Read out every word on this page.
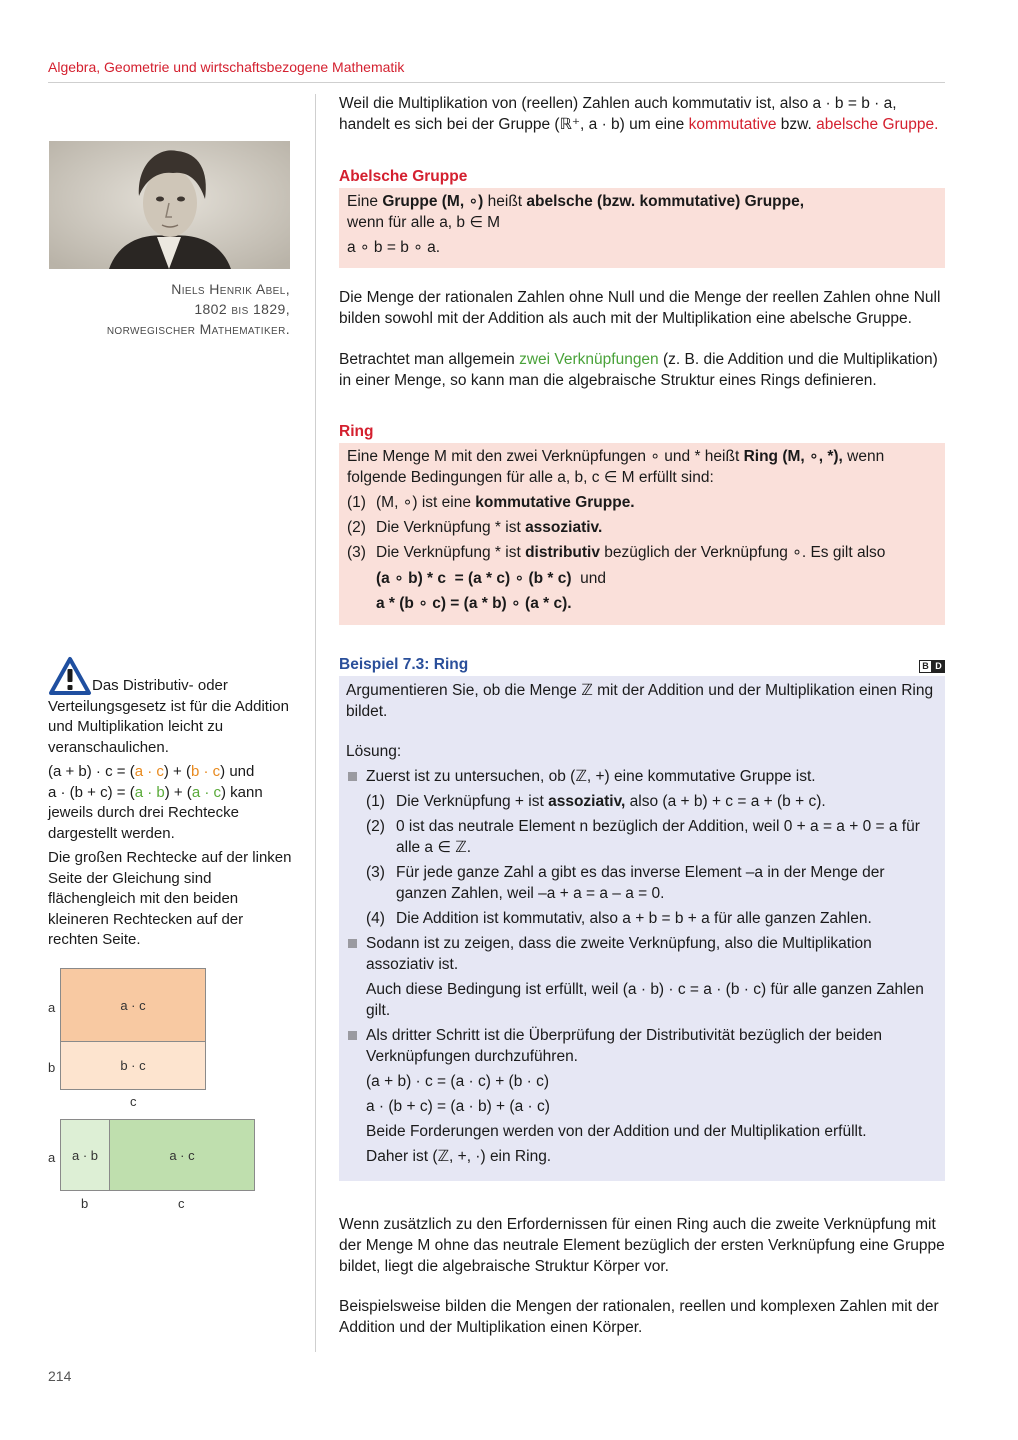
Algebra, Geometrie und wirtschaftsbezogene Mathematik
Niels Henrik Abel,
1802 bis 1829,
norwegischer Mathematiker.

Das Distributiv- oder Verteilungsgesetz ist für die Addition und Multiplikation leicht zu veranschaulichen.

(a + b) · c = (a · c) + (b · c) und
a · (b + c) = (a · b) + (a · c) kann
jeweils durch drei Rechtecke dargestellt werden.

Die großen Rechtecke auf der linken Seite der Gleichung sind flächengleich mit den beiden kleineren Rechtecken auf der rechten Seite.

a · c
b · c
a
b
c
a · b	a · c
a
b	c

Weil die Multiplikation von (reellen) Zahlen auch kommutativ ist, also a · b = b · a, handelt es sich bei der Gruppe (ℝ⁺, a · b) um eine kommutative bzw. abelsche Gruppe.

Abelsche Gruppe

Eine Gruppe (M, ∘) heißt abelsche (bzw. kommutative) Gruppe,

wenn für alle a, b ∈ M

a ∘ b = b ∘ a.

Die Menge der rationalen Zahlen ohne Null und die Menge der reellen Zahlen ohne Null bilden sowohl mit der Addition als auch mit der Multiplikation eine abelsche Gruppe.

Betrachtet man allgemein zwei Verknüpfungen (z. B. die Addition und die Multiplikation) in einer Menge, so kann man die algebraische Struktur eines Rings definieren.

Ring

Eine Menge M mit den zwei Verknüpfungen ∘ und * heißt Ring (M, ∘, *), wenn folgende Bedingungen für alle a, b, c ∈ M erfüllt sind:

(1) (M, ∘) ist eine kommutative Gruppe.

(2) Die Verknüpfung * ist assoziativ.

(3) Die Verknüpfung * ist distributiv bezüglich der Verknüpfung ∘. Es gilt also

(a ∘ b) * c  = (a * c) ∘ (b * c)  und

a * (b ∘ c) = (a * b) ∘ (a * c).

Beispiel 7.3: Ring	B D

Argumentieren Sie, ob die Menge ℤ mit der Addition und der Multiplikation einen Ring bildet.

Lösung:

Zuerst ist zu untersuchen, ob (ℤ, +) eine kommutative Gruppe ist.

(1) Die Verknüpfung + ist assoziativ, also (a + b) + c = a + (b + c).

(2) 0 ist das neutrale Element n bezüglich der Addition, weil 0 + a = a + 0 = a für alle a ∈ ℤ.

(3) Für jede ganze Zahl a gibt es das inverse Element –a in der Menge der ganzen Zahlen, weil –a + a = a – a = 0.

(4) Die Addition ist kommutativ, also a + b = b + a für alle ganzen Zahlen.

Sodann ist zu zeigen, dass die zweite Verknüpfung, also die Multiplikation assoziativ ist.

Auch diese Bedingung ist erfüllt, weil (a · b) · c = a · (b · c) für alle ganzen Zahlen gilt.

Als dritter Schritt ist die Überprüfung der Distributivität bezüglich der beiden Verknüpfungen durchzuführen.

(a + b) · c = (a · c) + (b · c)

a · (b + c) = (a · b) + (a · c)

Beide Forderungen werden von der Addition und der Multiplikation erfüllt.

Daher ist (ℤ, +, ·) ein Ring.

Wenn zusätzlich zu den Erfordernissen für einen Ring auch die zweite Verknüpfung mit der Menge M ohne das neutrale Element bezüglich der ersten Verknüpfung eine Gruppe bildet, liegt die algebraische Struktur Körper vor.

Beispielsweise bilden die Mengen der rationalen, reellen und komplexen Zahlen mit der Addition und der Multiplikation einen Körper.

214
